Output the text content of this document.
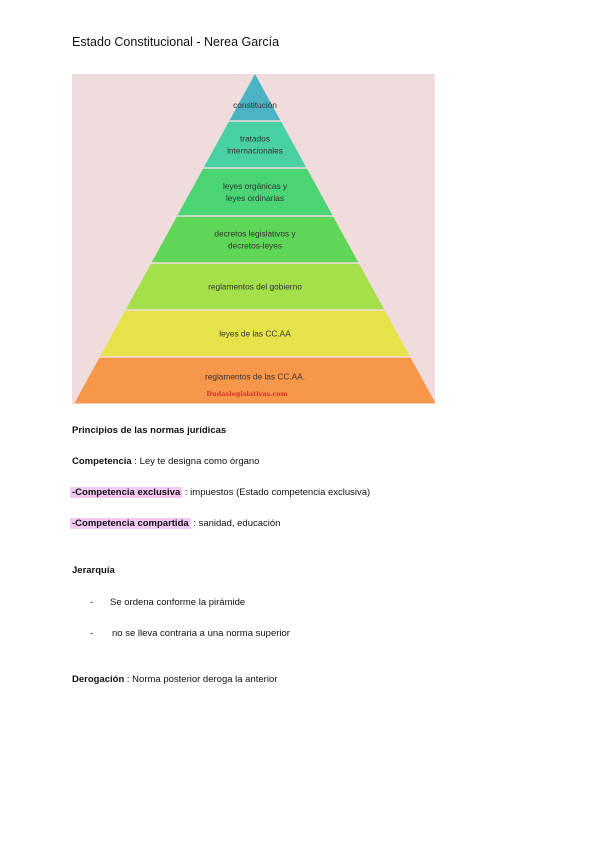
Estado Constitucional - Nerea García
constitución
tratados
internacionales
leyes orgánicas y
leyes ordinarias
decretos legislativos y
decretos-leyes
reglamentos del gobierno
leyes de las CC.AA
reglamentos de las CC.AA.
Dudaslegislativas.com
Principios de las normas jurídicas
Competencia : Ley te designa como órgano
-Competencia exclusiva : impuestos (Estado competencia exclusiva)
-Competencia compartida : sanidad, educación
Jerarquía
- Se ordena conforme la pirámide
- no se lleva contraria a una norma superior
Derogación : Norma posterior deroga la anterior
